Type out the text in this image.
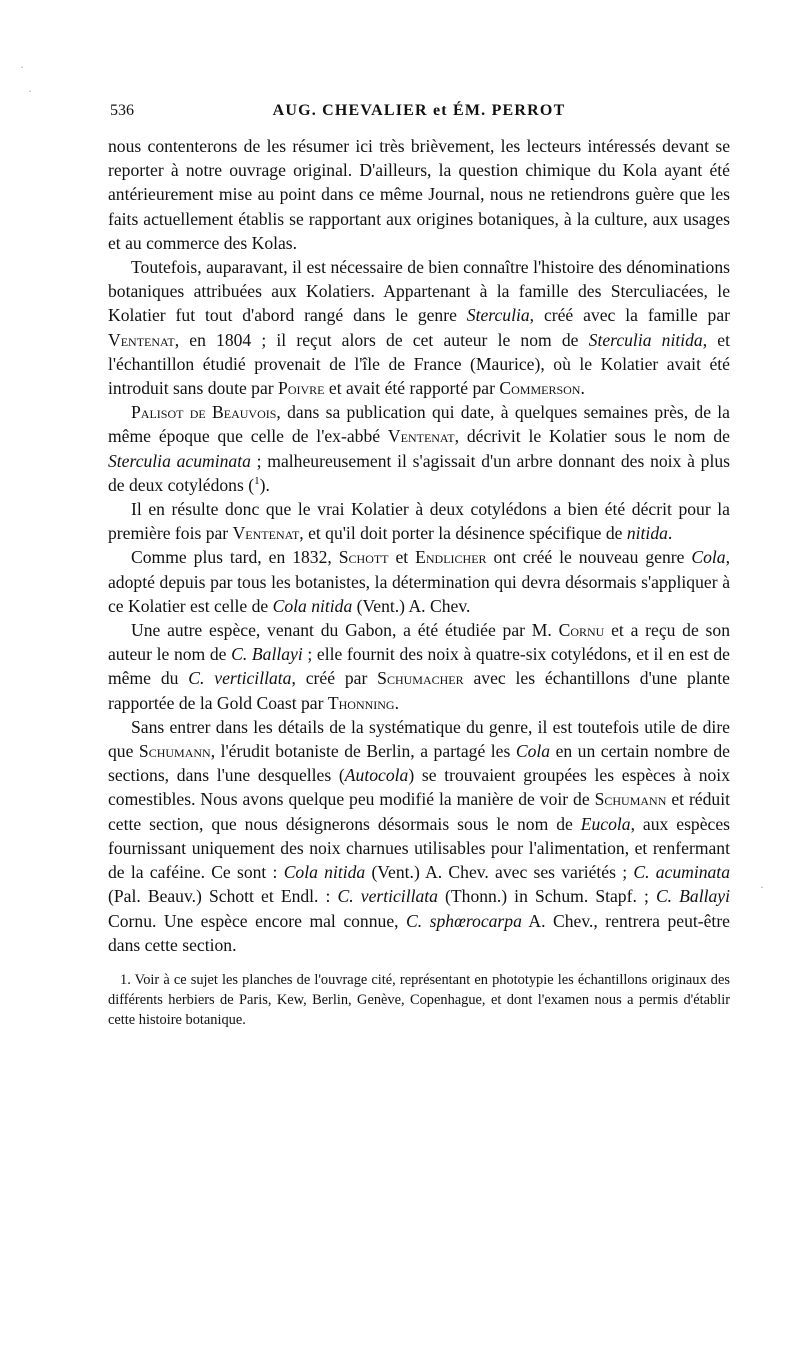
·
·
·
536	AUG. CHEVALIER et ÉM. PERROT

nous contenterons de les résumer ici très brièvement, les lecteurs intéressés devant se reporter à notre ouvrage original. D'ailleurs, la question chimique du Kola ayant été antérieurement mise au point dans ce même Journal, nous ne retiendrons guère que les faits actuellement établis se rapportant aux origines botaniques, à la culture, aux usages et au commerce des Kolas.

Toutefois, auparavant, il est nécessaire de bien connaître l'histoire des dénominations botaniques attribuées aux Kolatiers. Appartenant à la famille des Sterculiacées, le Kolatier fut tout d'abord rangé dans le genre Sterculia, créé avec la famille par Ventenat, en 1804 ; il reçut alors de cet auteur le nom de Sterculia nitida, et l'échantillon étudié provenait de l'île de France (Maurice), où le Kolatier avait été introduit sans doute par Poivre et avait été rapporté par Commerson.

Palisot de Beauvois, dans sa publication qui date, à quelques semaines près, de la même époque que celle de l'ex-abbé Ventenat, décrivit le Kolatier sous le nom de Sterculia acuminata ; malheureusement il s'agissait d'un arbre donnant des noix à plus de deux cotylédons ($^1$).

Il en résulte donc que le vrai Kolatier à deux cotylédons a bien été décrit pour la première fois par Ventenat, et qu'il doit porter la désinence spécifique de nitida.

Comme plus tard, en 1832, Schott et Endlicher ont créé le nouveau genre Cola, adopté depuis par tous les botanistes, la détermination qui devra désormais s'appliquer à ce Kolatier est celle de Cola nitida (Vent.) A. Chev.

Une autre espèce, venant du Gabon, a été étudiée par M. Cornu et a reçu de son auteur le nom de C. Ballayi ; elle fournit des noix à quatre-six cotylédons, et il en est de même du C. verticillata, créé par Schumacher avec les échantillons d'une plante rapportée de la Gold Coast par Thonning.

Sans entrer dans les détails de la systématique du genre, il est toutefois utile de dire que Schumann, l'érudit botaniste de Berlin, a partagé les Cola en un certain nombre de sections, dans l'une desquelles (Autocola) se trouvaient groupées les espèces à noix comestibles. Nous avons quelque peu modifié la manière de voir de Schumann et réduit cette section, que nous désignerons désormais sous le nom de Eucola, aux espèces fournissant uniquement des noix charnues utilisables pour l'alimentation, et renfermant de la caféine. Ce sont : Cola nitida (Vent.) A. Chev. avec ses variétés ; C. acuminata (Pal. Beauv.) Schott et Endl. : C. verticillata (Thonn.) in Schum. Stapf. ; C. Ballayi Cornu. Une espèce encore mal connue, C. sphœrocarpa A. Chev., rentrera peut-être dans cette section.

1. Voir à ce sujet les planches de l'ouvrage cité, représentant en phototypie les échantillons originaux des différents herbiers de Paris, Kew, Berlin, Genève, Copenhague, et dont l'examen nous a permis d'établir cette histoire botanique.
